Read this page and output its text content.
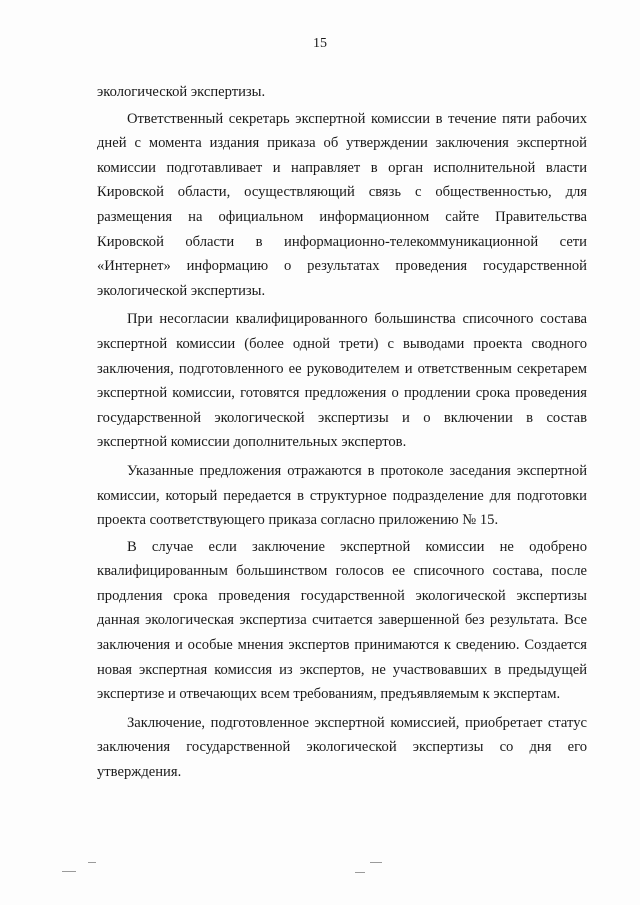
15

экологической экспертизы.

Ответственный секретарь экспертной комиссии в течение пяти рабочих дней с момента издания приказа об утверждении заключения экспертной комиссии подготавливает и направляет в орган исполнительной власти Кировской области, осуществляющий связь с общественностью, для размещения на официальном информационном сайте Правительства Кировской области в информационно-телекоммуникационной сети «Интернет» информацию о результатах проведения государственной экологической экспертизы.

При несогласии квалифицированного большинства списочного состава экспертной комиссии (более одной трети) с выводами проекта сводного заключения, подготовленного ее руководителем и ответственным секретарем экспертной комиссии, готовятся предложения о продлении срока проведения государственной экологической экспертизы и о включении в состав экспертной комиссии дополнительных экспертов.

Указанные предложения отражаются в протоколе заседания экспертной комиссии, который передается в структурное подразделение для подготовки проекта соответствующего приказа согласно приложению № 15.

В случае если заключение экспертной комиссии не одобрено квалифицированным большинством голосов ее списочного состава, после продления срока проведения государственной экологической экспертизы данная экологическая экспертиза считается завершенной без результата. Все заключения и особые мнения экспертов принимаются к сведению. Создается новая экспертная комиссия из экспертов, не участвовавших в предыдущей экспертизе и отвечающих всем требованиям, предъявляемым к экспертам.

Заключение, подготовленное экспертной комиссией, приобретает статус заключения государственной экологической экспертизы со дня его утверждения.
